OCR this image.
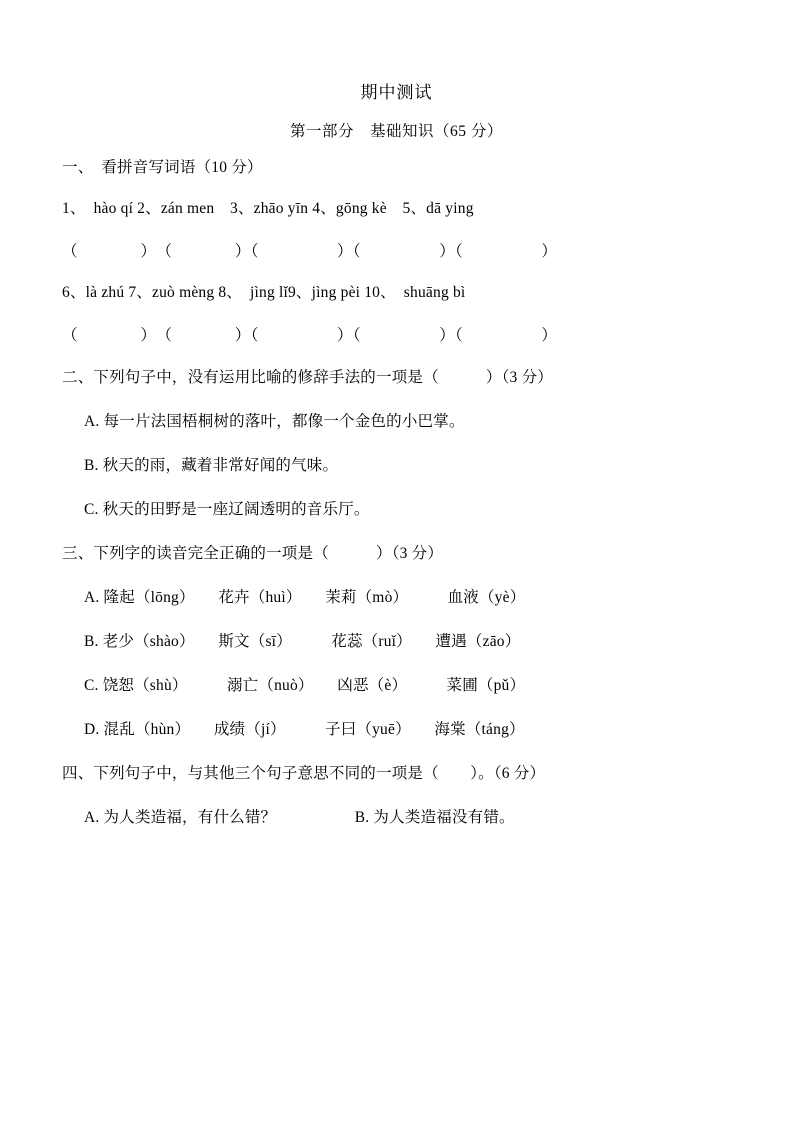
期中测试
第一部分　基础知识（65 分）
一、　看拼音写词语（10 分）
1、　hào qí 2、zán men　3、zhāo yīn 4、gōng kè　5、dā ying
（　　　　）　（　　　　）（　　　　　）（　　　　　）（　　　　　）
6、là zhú 7、zuò mèng 8、　jìng lǐ9、jìng pèi 10、　shuāng bì
（　　　　）　（　　　　）（　　　　　）（　　　　　）（　　　　　）
二、下列句子中，没有运用比喻的修辞手法的一项是（　　　）（3 分）
A. 每一片法国梧桐树的落叶，都像一个金色的小巴掌。
B. 秋天的雨，藏着非常好闻的气味。
C. 秋天的田野是一座辽阔透明的音乐厅。
三、下列字的读音完全正确的一项是（　　　）（3 分）
A. 隆起（lōng）　　花卉（huì）　　茉莉（mò）　　　血液（yè）
B. 老少（shào）　　斯文（sī）　　　花蕊（ruǐ）　　遭遇（zāo）
C. 饶恕（shù）　　　溺亡（nuò）　　凶恶（è）　　　菜圃（pǔ）
D. 混乱（hùn）　　成绩（jí）　　　子曰（yuē）　　海棠（táng）
四、下列句子中，与其他三个句子意思不同的一项是（　　）。（6 分）
A. 为人类造福，有什么错？　　　　　B. 为人类造福没有错。
